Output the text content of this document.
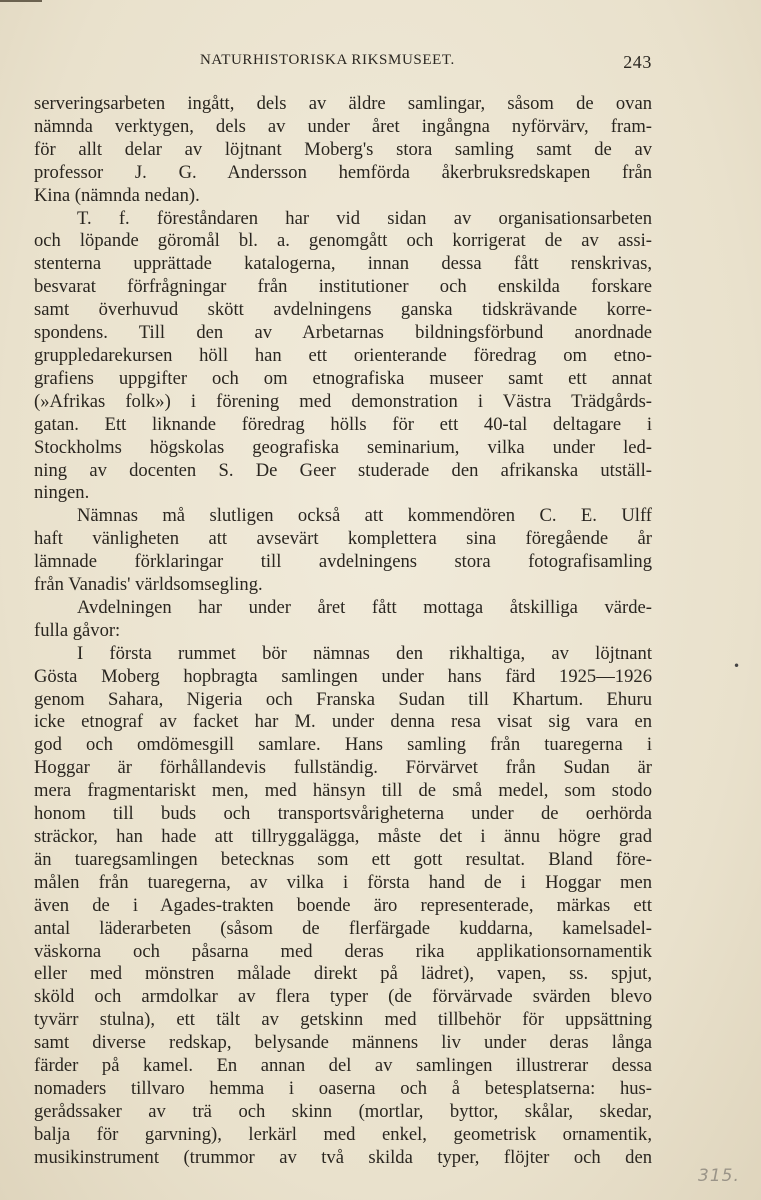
NATURHISTORISKA RIKSMUSEET.	243
serveringsarbeten ingått, dels av äldre samlingar, såsom de ovan
nämnda verktygen, dels av under året ingångna nyförvärv, fram-
för allt delar av löjtnant Moberg's stora samling samt de av
professor J. G. Andersson hemförda åkerbruksredskapen från
Kina (nämnda nedan).
T. f. föreståndaren har vid sidan av organisationsarbeten
och löpande göromål bl. a. genomgått och korrigerat de av assi-
stenterna upprättade katalogerna, innan dessa fått renskrivas,
besvarat förfrågningar från institutioner och enskilda forskare
samt överhuvud skött avdelningens ganska tidskrävande korre-
spondens. Till den av Arbetarnas bildningsförbund anordnade
gruppledarekursen höll han ett orienterande föredrag om etno-
grafiens uppgifter och om etnografiska museer samt ett annat
(»Afrikas folk») i förening med demonstration i Västra Trädgårds-
gatan. Ett liknande föredrag hölls för ett 40-tal deltagare i
Stockholms högskolas geografiska seminarium, vilka under led-
ning av docenten S. De Geer studerade den afrikanska utställ-
ningen.
Nämnas må slutligen också att kommendören C. E. Ulff
haft vänligheten att avsevärt komplettera sina föregående år
lämnade förklaringar till avdelningens stora fotografisamling
från Vanadis' världsomsegling.
Avdelningen har under året fått mottaga åtskilliga värde-
fulla gåvor:
I första rummet bör nämnas den rikhaltiga, av löjtnant
Gösta Moberg hopbragta samlingen under hans färd 1925—1926
genom Sahara, Nigeria och Franska Sudan till Khartum. Ehuru
icke etnograf av facket har M. under denna resa visat sig vara en
god och omdömesgill samlare. Hans samling från tuaregerna i
Hoggar är förhållandevis fullständig. Förvärvet från Sudan är
mera fragmentariskt men, med hänsyn till de små medel, som stodo
honom till buds och transportsvårigheterna under de oerhörda
sträckor, han hade att tillryggalägga, måste det i ännu högre grad
än tuaregsamlingen betecknas som ett gott resultat. Bland före-
målen från tuaregerna, av vilka i första hand de i Hoggar men
även de i Agades-trakten boende äro representerade, märkas ett
antal läderarbeten (såsom de flerfärgade kuddarna, kamelsadel-
väskorna och påsarna med deras rika applikationsornamentik
eller med mönstren målade direkt på lädret), vapen, ss. spjut,
sköld och armdolkar av flera typer (de förvärvade svärden blevo
tyvärr stulna), ett tält av getskinn med tillbehör för uppsättning
samt diverse redskap, belysande männens liv under deras långa
färder på kamel. En annan del av samlingen illustrerar dessa
nomaders tillvaro hemma i oaserna och å betesplatserna: hus-
gerådssaker av trä och skinn (mortlar, byttor, skålar, skedar,
balja för garvning), lerkärl med enkel, geometrisk ornamentik,
musikinstrument (trummor av två skilda typer, flöjter och den
•
315.
